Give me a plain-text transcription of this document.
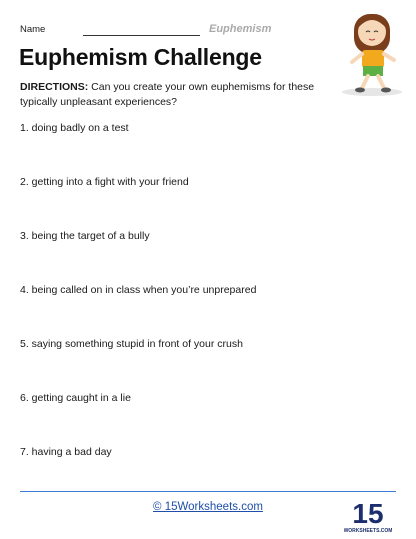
Name	Euphemism
Euphemism Challenge
DIRECTIONS: Can you create your own euphemisms for these typically unpleasant experiences?
1. doing badly on a test
2. getting into a fight with your friend
3. being the target of a bully
4. being called on in class when you’re unprepared
5. saying something stupid in front of your crush
6. getting caught in a lie
7. having a bad day
© 15Worksheets.com	15
WORKSHEETS.COM
